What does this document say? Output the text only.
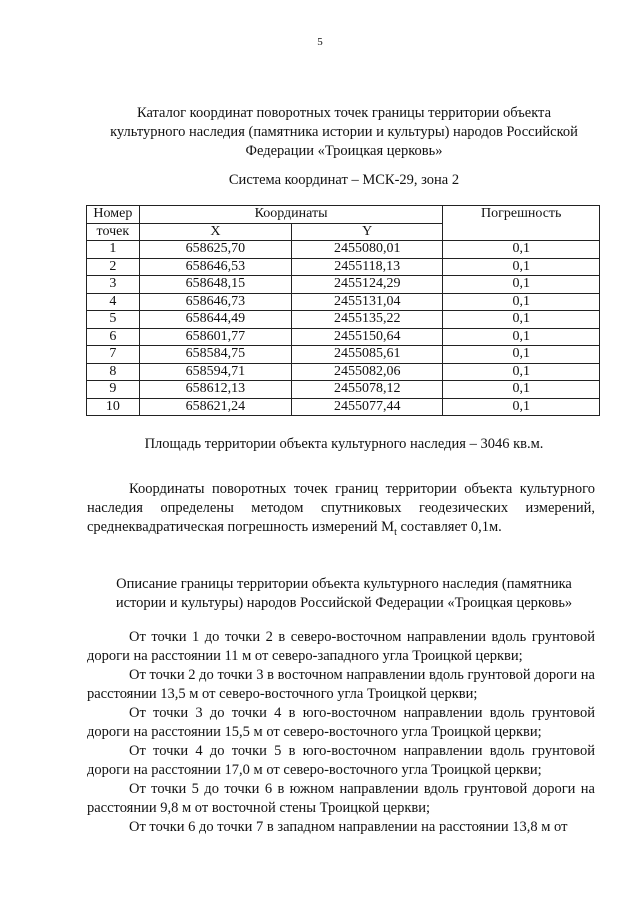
5
Каталог координат поворотных точек границы территории объекта
культурного наследия (памятника истории и культуры) народов Российской
Федерации «Троицкая церковь»
Система координат – МСК-29, зона 2
Номер	Координаты		Погрешность
точек	X	Y	
1	658625,70	2455080,01	0,1
2	658646,53	2455118,13	0,1
3	658648,15	2455124,29	0,1
4	658646,73	2455131,04	0,1
5	658644,49	2455135,22	0,1
6	658601,77	2455150,64	0,1
7	658584,75	2455085,61	0,1
8	658594,71	2455082,06	0,1
9	658612,13	2455078,12	0,1
10	658621,24	2455077,44	0,1
Площадь территории объекта культурного наследия – 3046 кв.м.

Координаты поворотных точек границ территории объекта культурного наследия определены методом спутниковых геодезических измерений, среднеквадратическая погрешность измерений $M_t$ составляет 0,1м.

Описание границы территории объекта культурного наследия (памятника
истории и культуры) народов Российской Федерации «Троицкая церковь»

От точки 1 до точки 2 в северо-восточном направлении вдоль грунтовой дороги на расстоянии 11 м от северо-западного угла Троицкой церкви;

От точки 2 до точки 3 в восточном направлении вдоль грунтовой дороги на расстоянии 13,5 м от северо-восточного угла Троицкой церкви;

От точки 3 до точки 4 в юго-восточном направлении вдоль грунтовой дороги на расстоянии 15,5 м от северо-восточного угла Троицкой церкви;

От точки 4 до точки 5 в юго-восточном направлении вдоль грунтовой дороги на расстоянии 17,0 м от северо-восточного угла Троицкой церкви;

От точки 5 до точки 6 в южном направлении вдоль грунтовой дороги на расстоянии 9,8 м от восточной стены Троицкой церкви;

От точки 6 до точки 7 в западном направлении на расстоянии 13,8 м от
